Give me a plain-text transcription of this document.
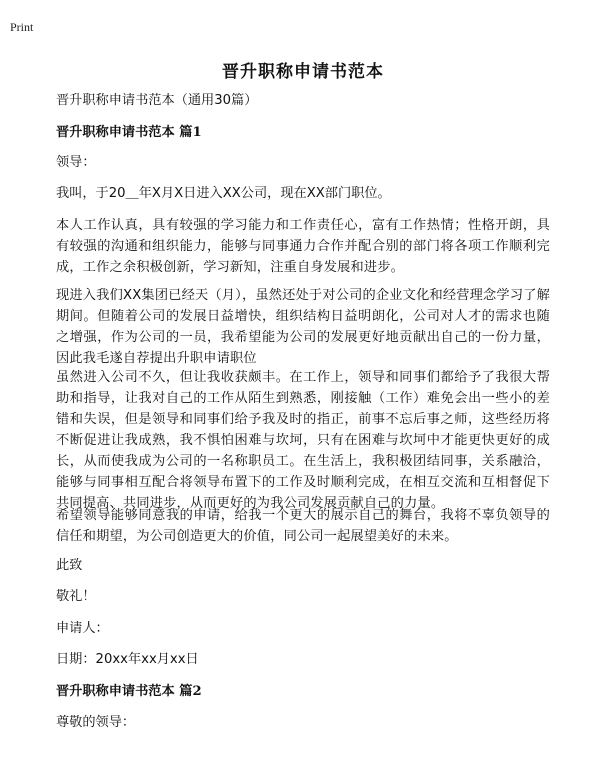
Print
晋升职称申请书范本
晋升职称申请书范本（通用30篇）
晋升职称申请书范本 篇1
领导：
我叫，于20＿年X月X日进入XX公司，现在XX部门职位。
本人工作认真，具有较强的学习能力和工作责任心，富有工作热情；性格开朗，具有较强的沟通和组织能力，能够与同事通力合作并配合别的部门将各项工作顺利完成，工作之余积极创新，学习新知，注重自身发展和进步。
现进入我们XX集团已经天（月），虽然还处于对公司的企业文化和经营理念学习了解期间。但随着公司的发展日益增快，组织结构日益明朗化，公司对人才的需求也随之增强，作为公司的一员，我希望能为公司的发展更好地贡献出自己的一份力量，因此我毛遂自荐提出升职申请职位
虽然进入公司不久，但让我收获颇丰。在工作上，领导和同事们都给予了我很大帮助和指导，让我对自己的工作从陌生到熟悉，刚接触（工作）难免会出一些小的差错和失误，但是领导和同事们给予我及时的指正，前事不忘后事之师，这些经历将不断促进让我成熟，我不惧怕困难与坎坷，只有在困难与坎坷中才能更快更好的成长，从而使我成为公司的一名称职员工。在生活上，我积极团结同事，关系融洽，能够与同事相互配合将领导布置下的工作及时顺利完成，在相互交流和互相督促下共同提高、共同进步，从而更好的为我公司发展贡献自己的力量。
希望领导能够同意我的申请，给我一个更大的展示自己的舞台，我将不辜负领导的信任和期望，为公司创造更大的价值，同公司一起展望美好的未来。
此致
敬礼！
申请人：
日期：20xx年xx月xx日
晋升职称申请书范本 篇2
尊敬的领导：
